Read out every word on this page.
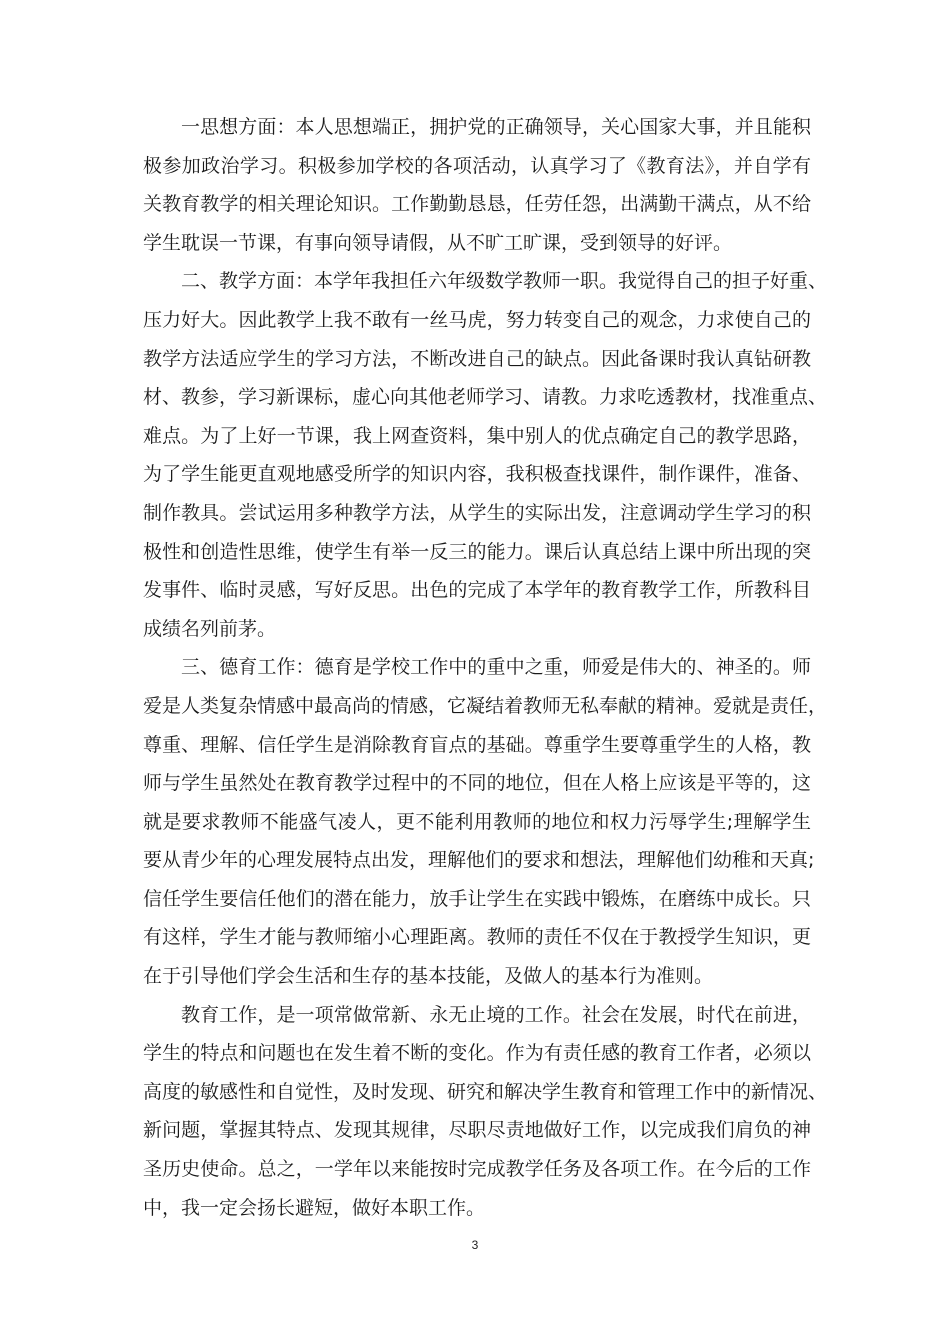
一思想方面：本人思想端正，拥护党的正确领导，关心国家大事，并且能积
极参加政治学习。积极参加学校的各项活动，认真学习了《教育法》，并自学有
关教育教学的相关理论知识。工作勤勤恳恳，任劳任怨，出满勤干满点，从不给
学生耽误一节课，有事向领导请假，从不旷工旷课，受到领导的好评。
二、教学方面：本学年我担任六年级数学教师一职。我觉得自己的担子好重、
压力好大。因此教学上我不敢有一丝马虎，努力转变自己的观念，力求使自己的
教学方法适应学生的学习方法，不断改进自己的缺点。因此备课时我认真钻研教
材、教参，学习新课标，虚心向其他老师学习、请教。力求吃透教材，找准重点、
难点。为了上好一节课，我上网查资料，集中别人的优点确定自己的教学思路，
为了学生能更直观地感受所学的知识内容，我积极查找课件，制作课件，准备、
制作教具。尝试运用多种教学方法，从学生的实际出发，注意调动学生学习的积
极性和创造性思维，使学生有举一反三的能力。课后认真总结上课中所出现的突
发事件、临时灵感，写好反思。出色的完成了本学年的教育教学工作，所教科目
成绩名列前茅。
三、德育工作：德育是学校工作中的重中之重，师爱是伟大的、神圣的。师
爱是人类复杂情感中最高尚的情感，它凝结着教师无私奉献的精神。爱就是责任，
尊重、理解、信任学生是消除教育盲点的基础。尊重学生要尊重学生的人格，教
师与学生虽然处在教育教学过程中的不同的地位，但在人格上应该是平等的，这
就是要求教师不能盛气凌人，更不能利用教师的地位和权力污辱学生;理解学生
要从青少年的心理发展特点出发，理解他们的要求和想法，理解他们幼稚和天真;
信任学生要信任他们的潜在能力，放手让学生在实践中锻炼，在磨练中成长。只
有这样，学生才能与教师缩小心理距离。教师的责任不仅在于教授学生知识，更
在于引导他们学会生活和生存的基本技能，及做人的基本行为准则。
教育工作，是一项常做常新、永无止境的工作。社会在发展，时代在前进，
学生的特点和问题也在发生着不断的变化。作为有责任感的教育工作者，必须以
高度的敏感性和自觉性，及时发现、研究和解决学生教育和管理工作中的新情况、
新问题，掌握其特点、发现其规律，尽职尽责地做好工作，以完成我们肩负的神
圣历史使命。总之，一学年以来能按时完成教学任务及各项工作。在今后的工作
中，我一定会扬长避短，做好本职工作。
3
